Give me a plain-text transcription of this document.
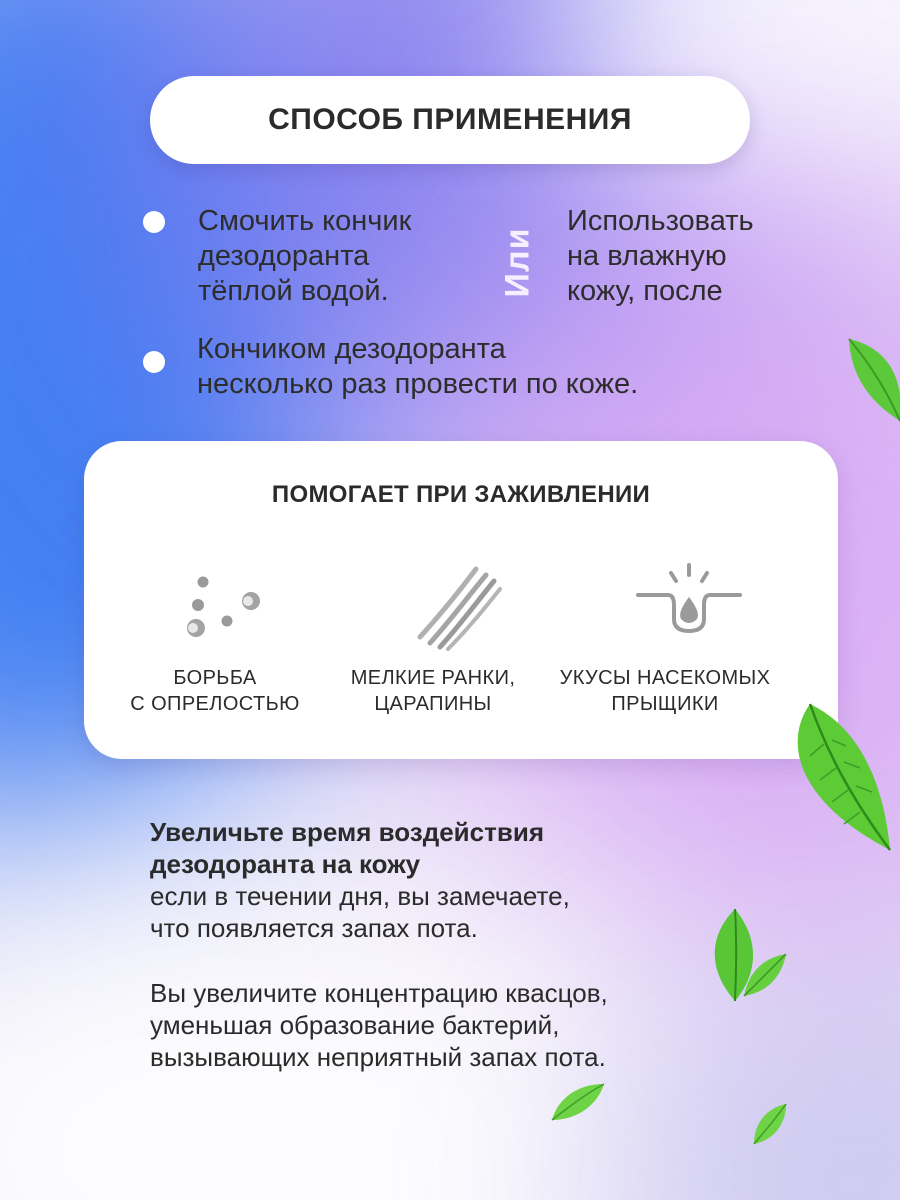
СПОСОБ ПРИМЕНЕНИЯ

Смочить кончик
дезодоранта
тёплой водой.	Или

Использовать
на влажную
кожу, после

Кончиком дезодоранта
несколько раз провести по коже.

ПОМОГАЕТ ПРИ ЗАЖИВЛЕНИИ
БОРЬБА
С ОПРЕЛОСТЬЮ
МЕЛКИЕ РАНКИ,
ЦАРАПИНЫ
УКУСЫ НАСЕКОМЫХ
ПРЫЩИКИ

Увеличьте время воздействия
дезодоранта на кожу

если в течении дня, вы замечаете,
что появляется запах пота.

Вы увеличите концентрацию квасцов,
уменьшая образование бактерий,
вызывающих неприятный запах пота.
